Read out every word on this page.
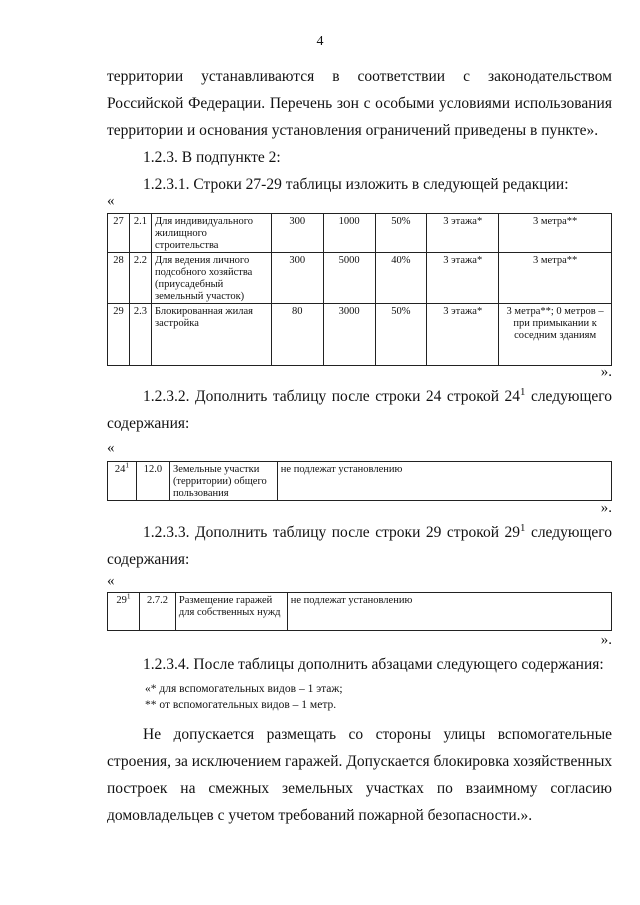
4
территории устанавливаются в соответствии с законодательством
Российской Федерации. Перечень зон с особыми условиями использования
территории и основания установления ограничений приведены в пункте».
1.2.3. В подпункте 2:
1.2.3.1. Строки 27-29 таблицы изложить в следующей редакции:
«
27	2.1	Для индивидуального жилищного строительства	300	1000	50%	3 этажа*	3 метра**
28	2.2	Для ведения личного подсобного хозяйства (приусадебный земельный участок)	300	5000	40%	3 этажа*	3 метра**
29	2.3	Блокированная жилая застройка	80	3000	50%	3 этажа*	3 метра**; 0 метров – при примыкании к соседним зданиям
».
1.2.3.2. Дополнить таблицу после строки 24 строкой $24^1$ следующего
содержания:
«
$24^1$	12.0	Земельные участки (территории) общего пользования	не подлежат установлению
».
1.2.3.3. Дополнить таблицу после строки 29 строкой $29^1$ следующего
содержания:
«
$29^1$	2.7.2	Размещение гаражей для собственных нужд	не подлежат установлению
».
1.2.3.4. После таблицы дополнить абзацами следующего содержания:
«* для вспомогательных видов – 1 этаж;
** от вспомогательных видов – 1 метр.
Не допускается размещать со стороны улицы вспомогательные
строения, за исключением гаражей. Допускается блокировка хозяйственных
построек на смежных земельных участках по взаимному согласию
домовладельцев с учетом требований пожарной безопасности.».
